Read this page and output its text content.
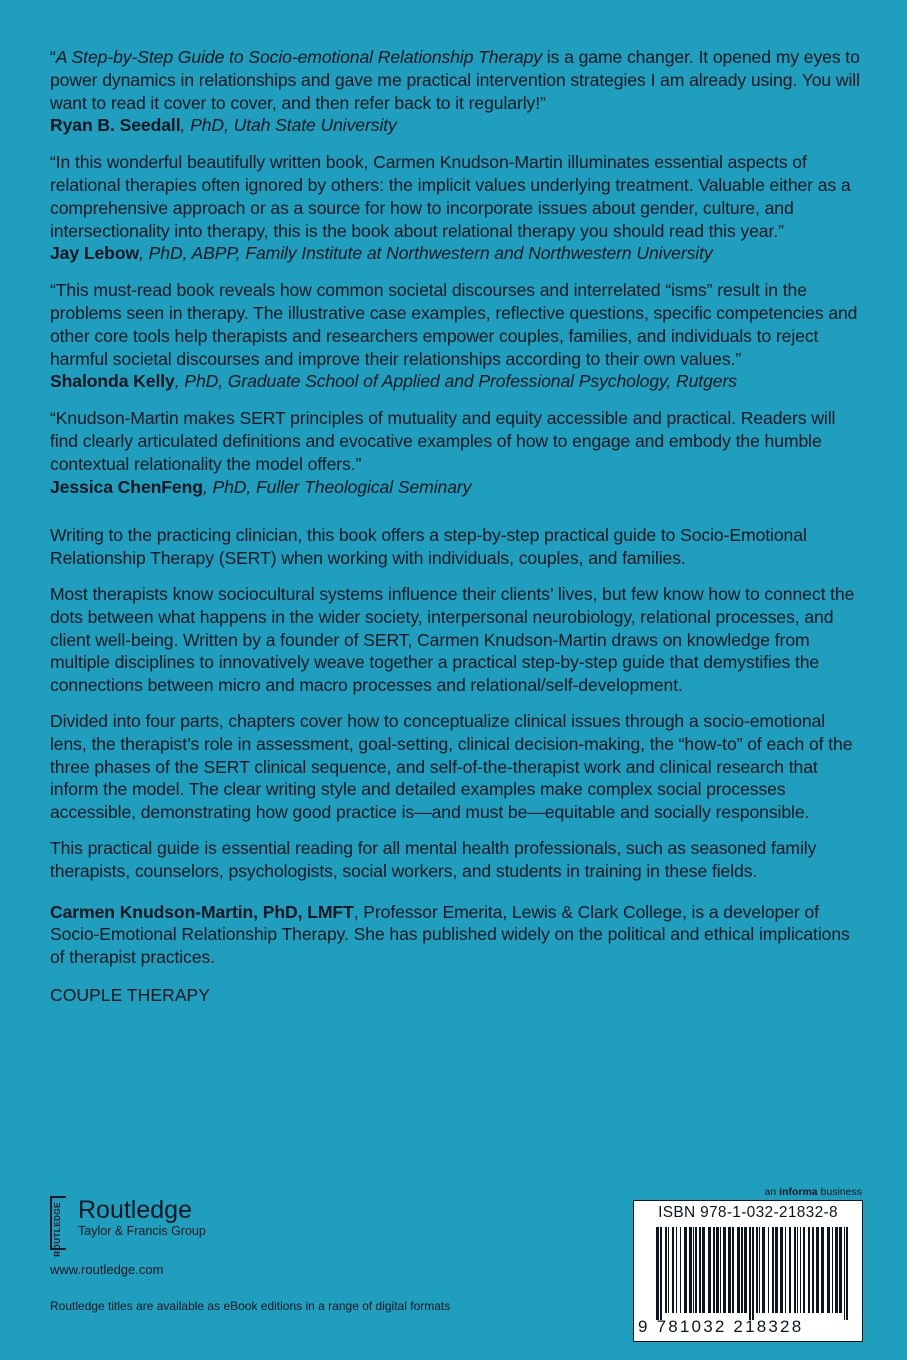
“A Step-by-Step Guide to Socio-emotional Relationship Therapy is a game changer. It opened my eyes to power dynamics in relationships and gave me practical intervention strategies I am already using. You will want to read it cover to cover, and then refer back to it regularly!”

Ryan B. Seedall, PhD, Utah State University

“In this wonderful beautifully written book, Carmen Knudson-Martin illuminates essential aspects of relational therapies often ignored by others: the implicit values underlying treatment. Valuable either as a comprehensive approach or as a source for how to incorporate issues about gender, culture, and intersectionality into therapy, this is the book about relational therapy you should read this year.”

Jay Lebow, PhD, ABPP, Family Institute at Northwestern and Northwestern University

“This must-read book reveals how common societal discourses and interrelated “isms” result in the problems seen in therapy. The illustrative case examples, reflective questions, specific competencies and other core tools help therapists and researchers empower couples, families, and individuals to reject harmful societal discourses and improve their relationships according to their own values.”

Shalonda Kelly, PhD, Graduate School of Applied and Professional Psychology, Rutgers

“Knudson-Martin makes SERT principles of mutuality and equity accessible and practical. Readers will find clearly articulated definitions and evocative examples of how to engage and embody the humble contextual relationality the model offers.”

Jessica ChenFeng, PhD, Fuller Theological Seminary

Writing to the practicing clinician, this book offers a step-by-step practical guide to Socio-Emotional Relationship Therapy (SERT) when working with individuals, couples, and families.

Most therapists know sociocultural systems influence their clients’ lives, but few know how to connect the dots between what happens in the wider society, interpersonal neurobiology, relational processes, and client well-being. Written by a founder of SERT, Carmen Knudson-Martin draws on knowledge from multiple disciplines to innovatively weave together a practical step-by-step guide that demystifies the connections between micro and macro processes and relational/self-development.

Divided into four parts, chapters cover how to conceptualize clinical issues through a socio-emotional lens, the therapist’s role in assessment, goal-setting, clinical decision-making, the “how-to” of each of the three phases of the SERT clinical sequence, and self-of-the-therapist work and clinical research that inform the model. The clear writing style and detailed examples make complex social processes accessible, demonstrating how good practice is—and must be—equitable and socially responsible.

This practical guide is essential reading for all mental health professionals, such as seasoned family therapists, counselors, psychologists, social workers, and students in training in these fields.

Carmen Knudson-Martin, PhD, LMFT, Professor Emerita, Lewis & Clark College, is a developer of Socio-Emotional Relationship Therapy. She has published widely on the political and ethical implications of therapist practices.

COUPLE THERAPY
ROUTLEDGE Routledge
Taylor & Francis Group
www.routledge.com
Routledge titles are available as eBook editions in a range of digital formats
an informa business
ISBN 978-1-032-21832-8
9 781032 218328
